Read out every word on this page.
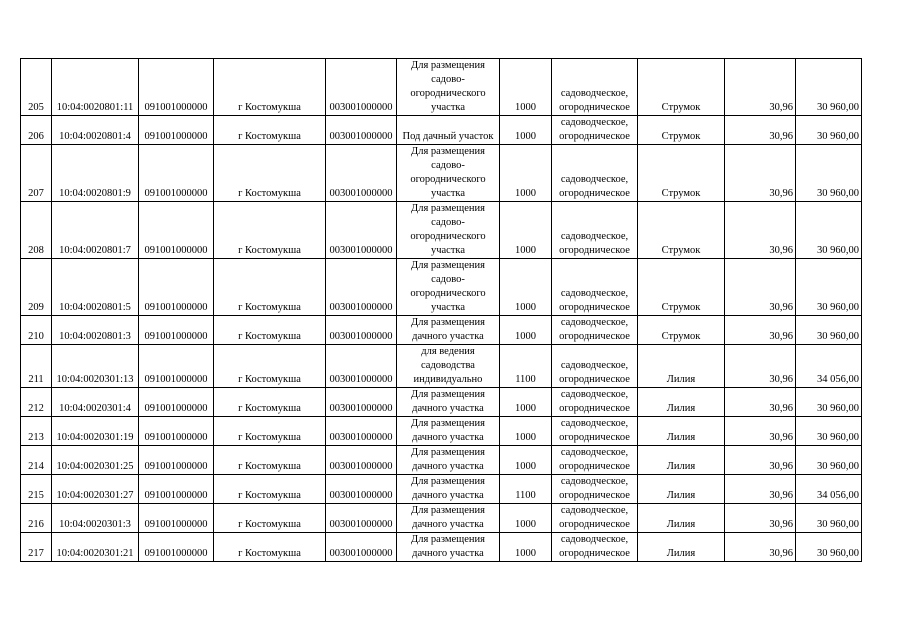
205	10:04:0020801:11	091001000000	г Костомукша	003001000000	Для размещения
садово-
огороднического
участка	1000	садоводческое,
огородническое	Струмок	30,96	30 960,00
206	10:04:0020801:4	091001000000	г Костомукша	003001000000	Под дачный участок	1000	садоводческое,
огородническое	Струмок	30,96	30 960,00
207	10:04:0020801:9	091001000000	г Костомукша	003001000000	Для размещения
садово-
огороднического
участка	1000	садоводческое,
огородническое	Струмок	30,96	30 960,00
208	10:04:0020801:7	091001000000	г Костомукша	003001000000	Для размещения
садово-
огороднического
участка	1000	садоводческое,
огородническое	Струмок	30,96	30 960,00
209	10:04:0020801:5	091001000000	г Костомукша	003001000000	Для размещения
садово-
огороднического
участка	1000	садоводческое,
огородническое	Струмок	30,96	30 960,00
210	10:04:0020801:3	091001000000	г Костомукша	003001000000	Для размещения
дачного участка	1000	садоводческое,
огородническое	Струмок	30,96	30 960,00
211	10:04:0020301:13	091001000000	г Костомукша	003001000000	для ведения
садоводства
индивидуально	1100	садоводческое,
огородническое	Лилия	30,96	34 056,00
212	10:04:0020301:4	091001000000	г Костомукша	003001000000	Для размещения
дачного участка	1000	садоводческое,
огородническое	Лилия	30,96	30 960,00
213	10:04:0020301:19	091001000000	г Костомукша	003001000000	Для размещения
дачного участка	1000	садоводческое,
огородническое	Лилия	30,96	30 960,00
214	10:04:0020301:25	091001000000	г Костомукша	003001000000	Для размещения
дачного участка	1000	садоводческое,
огородническое	Лилия	30,96	30 960,00
215	10:04:0020301:27	091001000000	г Костомукша	003001000000	Для размещения
дачного участка	1100	садоводческое,
огородническое	Лилия	30,96	34 056,00
216	10:04:0020301:3	091001000000	г Костомукша	003001000000	Для размещения
дачного участка	1000	садоводческое,
огородническое	Лилия	30,96	30 960,00
217	10:04:0020301:21	091001000000	г Костомукша	003001000000	Для размещения
дачного участка	1000	садоводческое,
огородническое	Лилия	30,96	30 960,00
